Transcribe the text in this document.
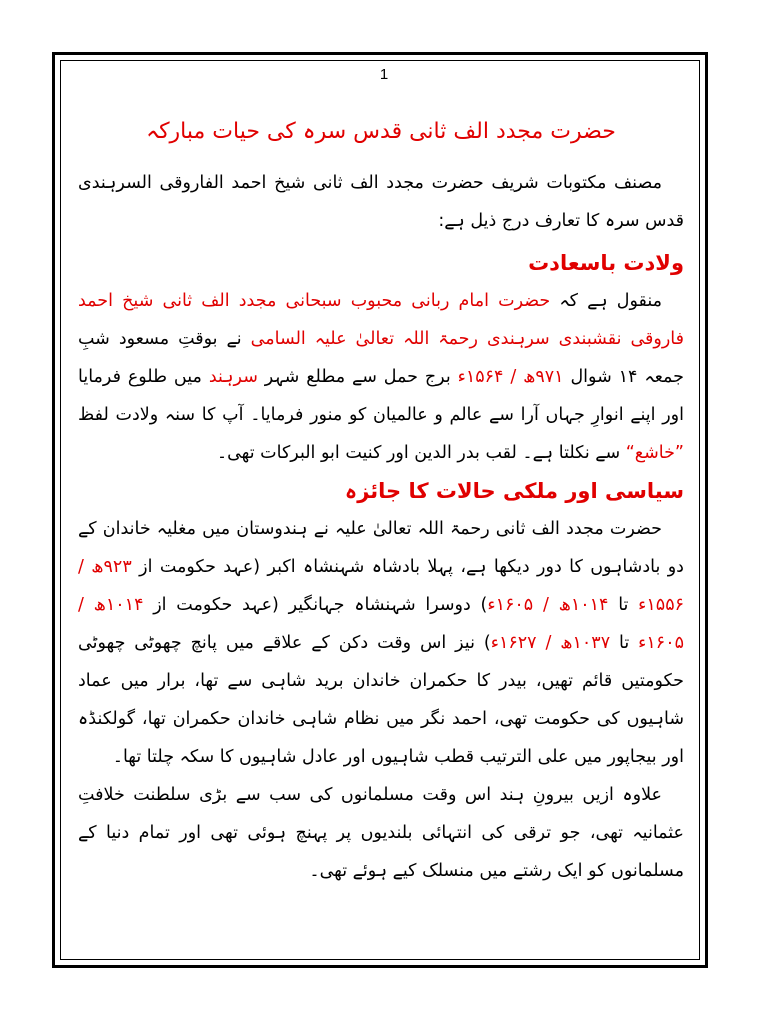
1
حضرت مجدد الف ثانی قدس سرہ کی حیات مبارکہ

مصنف مکتوبات شریف حضرت مجدد الف ثانی شیخ احمد الفاروقی السرہندی قدس سرہ کا تعارف درج ذیل ہے:

ولادت باسعادت

منقول ہے کہ حضرت امام ربانی محبوب سبحانی مجدد الف ثانی شیخ احمد فاروقی نقشبندی سرہندی رحمۃ اللہ تعالیٰ علیہ السامی نے بوقتِ مسعود شبِ جمعہ ۱۴ شوال ۹۷۱ھ / ۱۵۶۴ء برج حمل سے مطلع شہر سرہند میں طلوع فرمایا اور اپنے انوارِ جہاں آرا سے عالم و عالمیان کو منور فرمایا۔ آپ کا سنہ ولادت لفظ ”خاشع“ سے نکلتا ہے۔ لقب بدر الدین اور کنیت ابو البرکات تھی۔

سیاسی اور ملکی حالات کا جائزہ

حضرت مجدد الف ثانی رحمۃ اللہ تعالیٰ علیہ نے ہندوستان میں مغلیہ خاندان کے دو بادشاہوں کا دور دیکھا ہے، پہلا بادشاہ شہنشاہ اکبر (عہد حکومت از ۹۲۳ھ / ۱۵۵۶ء تا ۱۰۱۴ھ / ۱۶۰۵ء) دوسرا شہنشاہ جہانگیر (عہد حکومت از ۱۰۱۴ھ / ۱۶۰۵ء تا ۱۰۳۷ھ / ۱۶۲۷ء) نیز اس وقت دکن کے علاقے میں پانچ چھوٹی چھوٹی حکومتیں قائم تھیں، بیدر کا حکمران خاندان برید شاہی سے تھا، برار میں عماد شاہیوں کی حکومت تھی، احمد نگر میں نظام شاہی خاندان حکمران تھا، گولکنڈہ اور بیجاپور میں علی الترتیب قطب شاہیوں اور عادل شاہیوں کا سکہ چلتا تھا۔

علاوہ ازیں بیرونِ ہند اس وقت مسلمانوں کی سب سے بڑی سلطنت خلافتِ عثمانیہ تھی، جو ترقی کی انتہائی بلندیوں پر پہنچ ہوئی تھی اور تمام دنیا کے مسلمانوں کو ایک رشتے میں منسلک کیے ہوئے تھی۔
